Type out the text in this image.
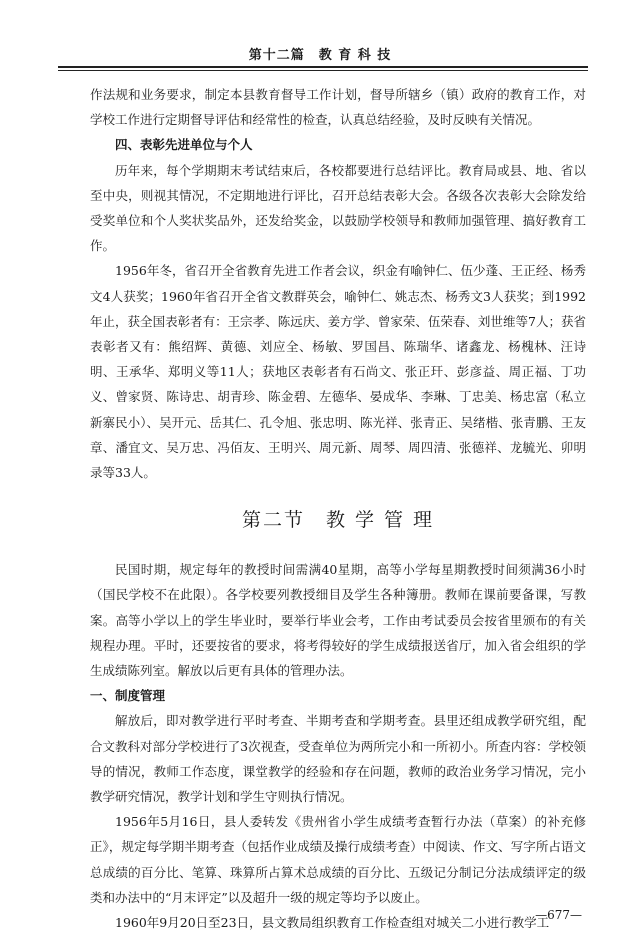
第十二篇　教 育 科 技

作法规和业务要求，制定本县教育督导工作计划，督导所辖乡（镇）政府的教育工作，对学校工作进行定期督导评估和经常性的检查，认真总结经验，及时反映有关情况。

四、表彰先进单位与个人

历年来，每个学期期末考试结束后，各校都要进行总结评比。教育局或县、地、省以至中央，则视其情况，不定期地进行评比，召开总结表彰大会。各级各次表彰大会除发给受奖单位和个人奖状奖品外，还发给奖金，以鼓励学校领导和教师加强管理、搞好教育工作。

1956年冬，省召开全省教育先进工作者会议，织金有喻钟仁、伍少蓬、王正经、杨秀文4人获奖；1960年省召开全省文教群英会，喻钟仁、姚志杰、杨秀文3人获奖；到1992年止，获全国表彰者有：王宗孝、陈远庆、姜方学、曾家荣、伍荣春、刘世维等7人；获省表彰者又有：熊绍辉、黄德、刘应全、杨敏、罗国昌、陈瑞华、诸鑫龙、杨槐林、汪诗明、王承华、郑明义等11人；获地区表彰者有石尚文、张正玕、彭彦益、周正福、丁功义、曾家贤、陈诗忠、胡青珍、陈金碧、左德华、晏成华、李琳、丁忠美、杨忠富（私立新寨民小）、吴开元、岳其仁、孔令旭、张忠明、陈光祥、张青正、吴绪楷、张青鹏、王友章、潘宜文、吴万忠、冯佰友、王明兴、周元新、周琴、周四清、张德祥、龙毓光、卯明录等33人。

第二节　教 学 管 理

民国时期，规定每年的教授时间需满40星期，高等小学每星期教授时间须满36小时（国民学校不在此限）。各学校要列教授细目及学生各种簿册。教师在课前要备课，写教案。高等小学以上的学生毕业时，要举行毕业会考，工作由考试委员会按省里颁布的有关规程办理。平时，还要按省的要求，将考得较好的学生成绩报送省厅，加入省会组织的学生成绩陈列室。解放以后更有具体的管理办法。

一、制度管理

解放后，即对教学进行平时考查、半期考查和学期考查。县里还组成教学研究组，配合文教科对部分学校进行了3次视查，受查单位为两所完小和一所初小。所查内容：学校领导的情况，教师工作态度，课堂教学的经验和存在问题，教师的政治业务学习情况，完小教学研究情况，教学计划和学生守则执行情况。

1956年5月16日，县人委转发《贵州省小学生成绩考查暂行办法（草案）的补充修正》，规定每学期半期考查（包括作业成绩及操行成绩考查）中阅读、作文、写字所占语文总成绩的百分比、笔算、珠算所占算术总成绩的百分比、五级记分制记分法成绩评定的级类和办法中的“月末评定”以及超升一级的规定等均予以废止。

1960年9月20日至23日，县文教局组织教育工作检查组对城关二小进行教学工

—677—
